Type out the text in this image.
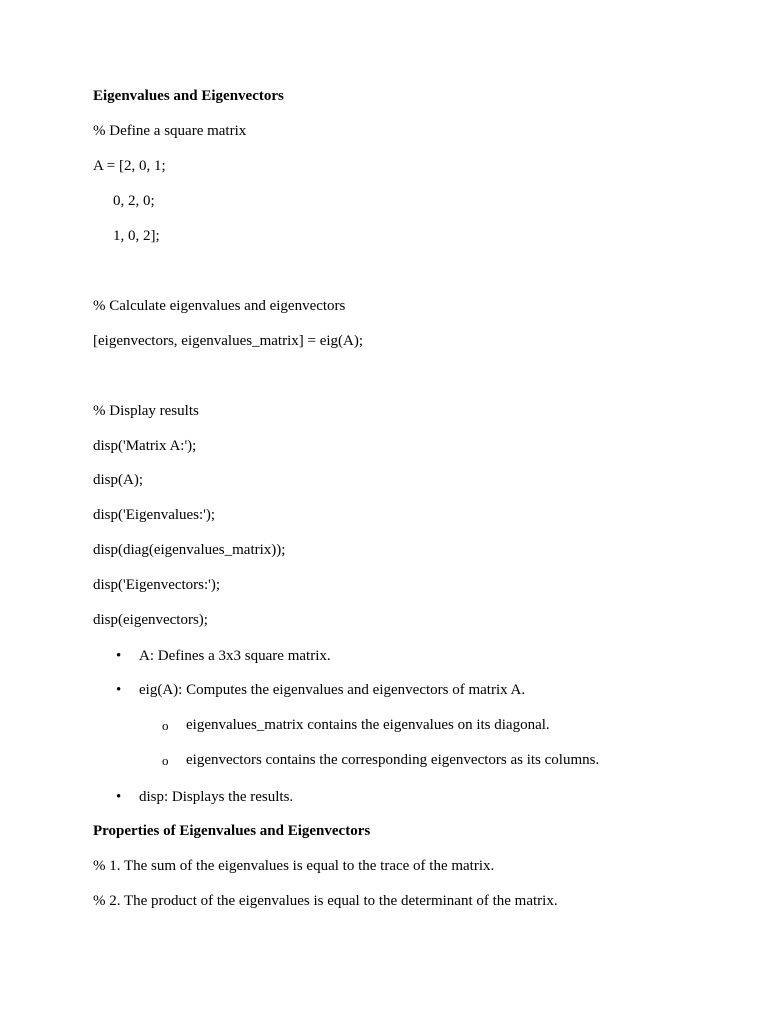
Eigenvalues and Eigenvectors
% Define a square matrix
A = [2, 0, 1;
0, 2, 0;
1, 0, 2];
% Calculate eigenvalues and eigenvectors
[eigenvectors, eigenvalues_matrix] = eig(A);
% Display results
disp('Matrix A:');
disp(A);
disp('Eigenvalues:');
disp(diag(eigenvalues_matrix));
disp('Eigenvectors:');
disp(eigenvectors);
• A: Defines a 3x3 square matrix.
• eig(A): Computes the eigenvalues and eigenvectors of matrix A.
o eigenvalues_matrix contains the eigenvalues on its diagonal.
o eigenvectors contains the corresponding eigenvectors as its columns.
• disp: Displays the results.
Properties of Eigenvalues and Eigenvectors
% 1. The sum of the eigenvalues is equal to the trace of the matrix.
% 2. The product of the eigenvalues is equal to the determinant of the matrix.
